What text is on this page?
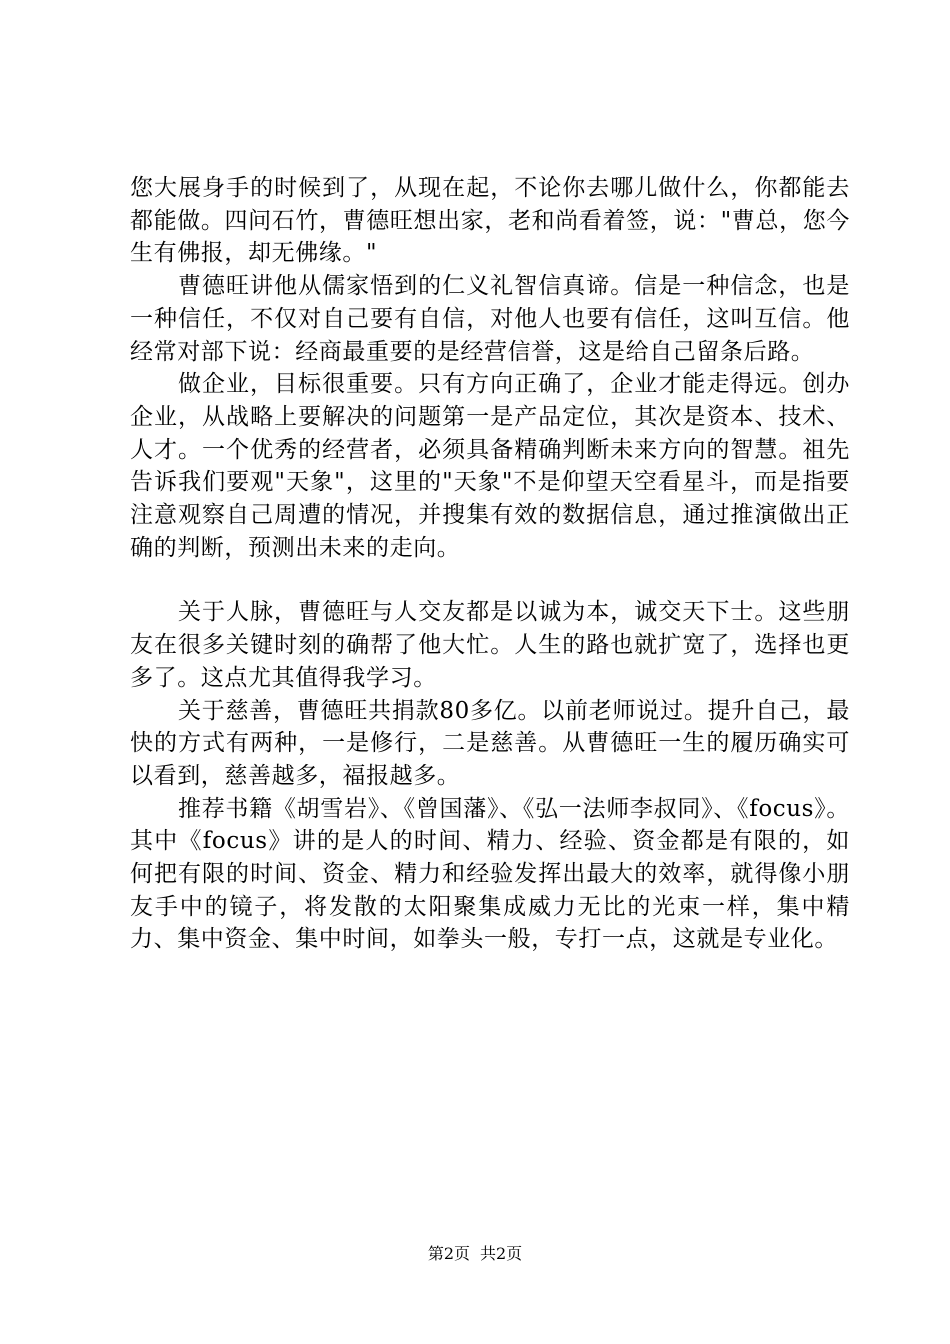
您大展身手的时候到了，从现在起，不论你去哪儿做什么，你都能去都能做。四问石竹，曹德旺想出家，老和尚看着签，说："曹总，您今生有佛报，却无佛缘。"

曹德旺讲他从儒家悟到的仁义礼智信真谛。信是一种信念，也是一种信任，不仅对自己要有自信，对他人也要有信任，这叫互信。他经常对部下说：经商最重要的是经营信誉，这是给自己留条后路。

做企业，目标很重要。只有方向正确了，企业才能走得远。创办企业，从战略上要解决的问题第一是产品定位，其次是资本、技术、人才。一个优秀的经营者，必须具备精确判断未来方向的智慧。祖先告诉我们要观"天象"，这里的"天象"不是仰望天空看星斗，而是指要注意观察自己周遭的情况，并搜集有效的数据信息，通过推演做出正确的判断，预测出未来的走向。

关于人脉，曹德旺与人交友都是以诚为本，诚交天下士。这些朋友在很多关键时刻的确帮了他大忙。人生的路也就扩宽了，选择也更多了。这点尤其值得我学习。

关于慈善，曹德旺共捐款80多亿。以前老师说过。提升自己，最快的方式有两种，一是修行，二是慈善。从曹德旺一生的履历确实可以看到，慈善越多，福报越多。

推荐书籍《胡雪岩》、《曾国藩》、《弘一法师李叔同》、《focus》。其中《focus》讲的是人的时间、精力、经验、资金都是有限的，如何把有限的时间、资金、精力和经验发挥出最大的效率，就得像小朋友手中的镜子，将发散的太阳聚集成威力无比的光束一样，集中精力、集中资金、集中时间，如拳头一般，专打一点，这就是专业化。

第2页 共2页
